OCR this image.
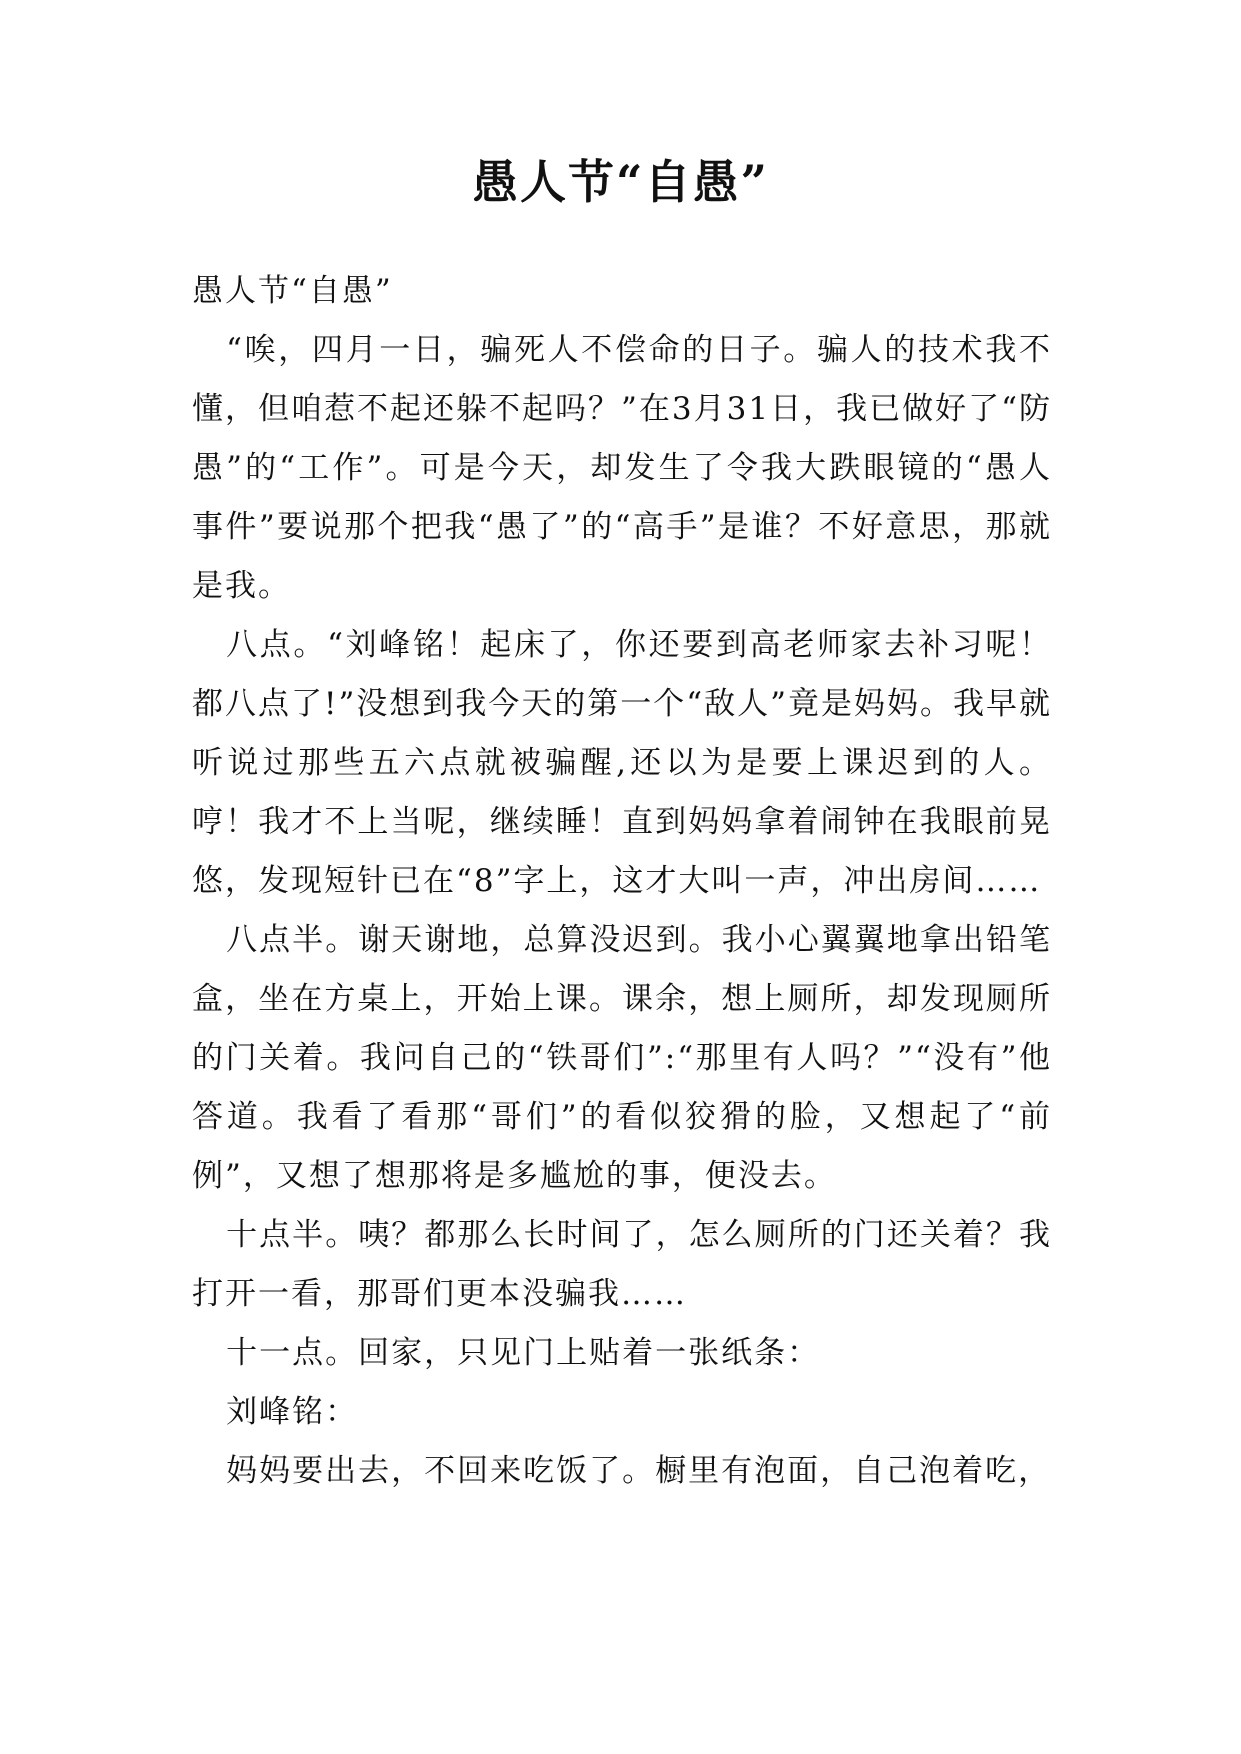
愚人节“自愚”

愚人节“自愚”

“唉，四月一日，骗死人不偿命的日子。骗人的技术我不懂，但咱惹不起还躲不起吗？”在3月31日，我已做好了“防愚”的“工作”。可是今天，却发生了令我大跌眼镜的“愚人事件”要说那个把我“愚了”的“高手”是谁？不好意思，那就是我。

八点。“刘峰铭！起床了，你还要到高老师家去补习呢！都八点了!”没想到我今天的第一个“敌人”竟是妈妈。我早就听说过那些五六点就被骗醒,还以为是要上课迟到的人。哼！我才不上当呢，继续睡！直到妈妈拿着闹钟在我眼前晃悠，发现短针已在“8”字上，这才大叫一声，冲出房间……

八点半。谢天谢地，总算没迟到。我小心翼翼地拿出铅笔盒，坐在方桌上，开始上课。课余，想上厕所，却发现厕所的门关着。我问自己的“铁哥们”:“那里有人吗？”“没有”他答道。我看了看那“哥们”的看似狡猾的脸，又想起了“前例”，又想了想那将是多尴尬的事，便没去。

十点半。咦？都那么长时间了，怎么厕所的门还关着？我打开一看，那哥们更本没骗我……

十一点。回家，只见门上贴着一张纸条：

刘峰铭：

妈妈要出去，不回来吃饭了。橱里有泡面，自己泡着吃，
